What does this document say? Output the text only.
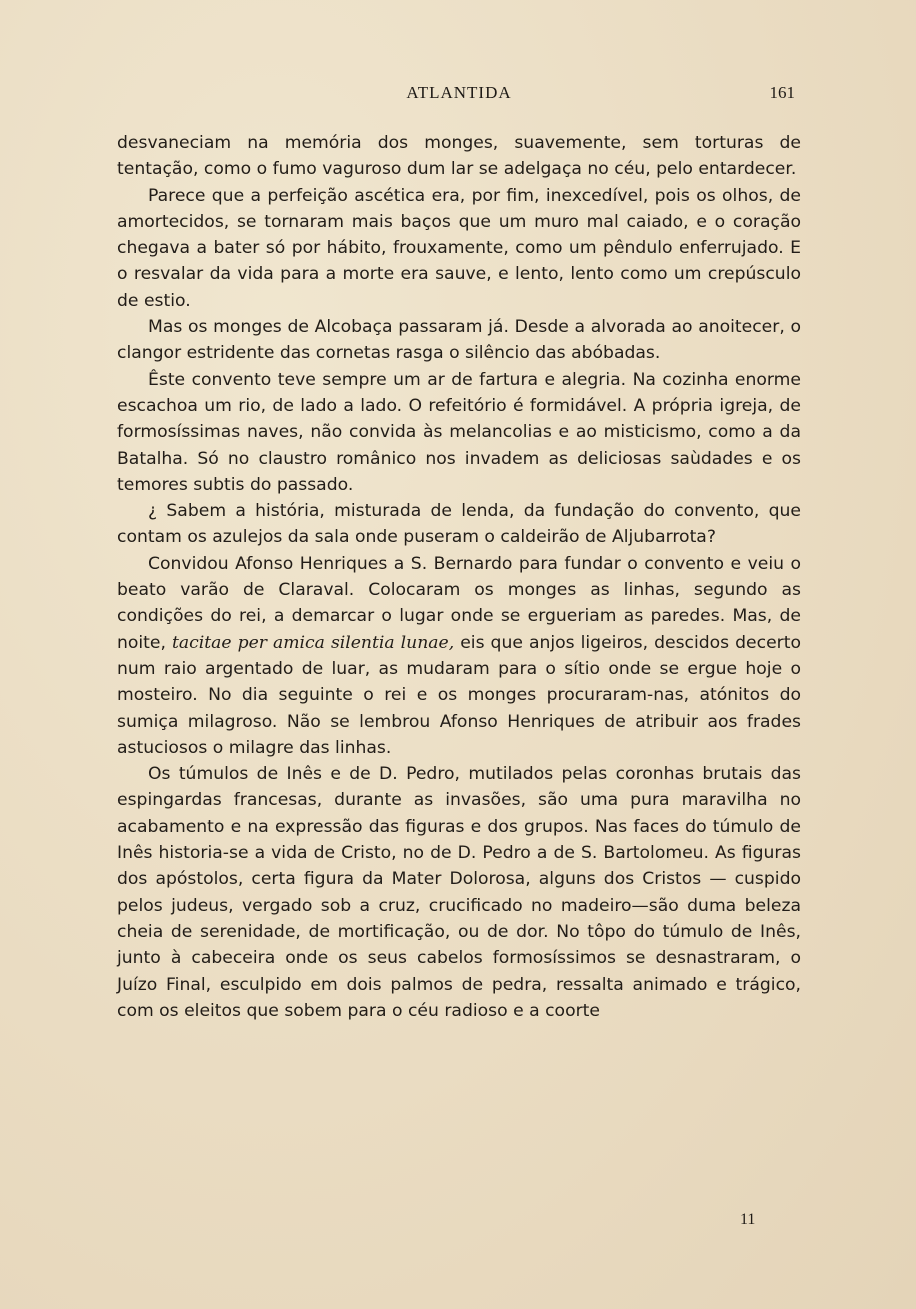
ATLANTIDA	161

desvaneciam na memória dos monges, suavemente, sem torturas de tentação, como o fumo vaguroso dum lar se adelgaça no céu, pelo entardecer.

Parece que a perfeição ascética era, por fim, inexcedível, pois os olhos, de amortecidos, se tornaram mais baços que um muro mal caiado, e o coração chegava a bater só por hábito, frouxamente, como um pêndulo enferrujado. E o resvalar da vida para a morte era sauve, e lento, lento como um crepúsculo de estio.

Mas os monges de Alcobaça passaram já. Desde a alvorada ao anoitecer, o clangor estridente das cornetas rasga o silêncio das abóbadas.

Êste convento teve sempre um ar de fartura e alegria. Na cozinha enorme escachoa um rio, de lado a lado. O refeitório é formidável. A própria igreja, de formosíssimas naves, não convida às melancolias e ao misticismo, como a da Batalha. Só no claustro românico nos invadem as deliciosas saùdades e os temores subtis do passado.

¿ Sabem a história, misturada de lenda, da fundação do convento, que contam os azulejos da sala onde puseram o caldeirão de Aljubarrota?

Convidou Afonso Henriques a S. Bernardo para fundar o convento e veiu o beato varão de Claraval. Colocaram os monges as linhas, segundo as condições do rei, a demarcar o lugar onde se ergueriam as paredes. Mas, de noite, tacitae per amica silentia lunae, eis que anjos ligeiros, descidos decerto num raio argentado de luar, as mudaram para o sítio onde se ergue hoje o mosteiro. No dia seguinte o rei e os monges procuraram-nas, atónitos do sumiça milagroso. Não se lembrou Afonso Henriques de atribuir aos frades astuciosos o milagre das linhas.

Os túmulos de Inês e de D. Pedro, mutilados pelas coronhas brutais das espingardas francesas, durante as invasões, são uma pura maravilha no acabamento e na expressão das figuras e dos grupos. Nas faces do túmulo de Inês historia-se a vida de Cristo, no de D. Pedro a de S. Bartolomeu. As figuras dos apóstolos, certa figura da Mater Dolorosa, alguns dos Cristos — cuspido pelos judeus, vergado sob a cruz, crucificado no madeiro—são duma beleza cheia de serenidade, de mortificação, ou de dor. No tôpo do túmulo de Inês, junto à cabeceira onde os seus cabelos formosíssimos se desnastraram, o Juízo Final, esculpido em dois palmos de pedra, ressalta animado e trágico, com os eleitos que sobem para o céu radioso e a coorte

11
